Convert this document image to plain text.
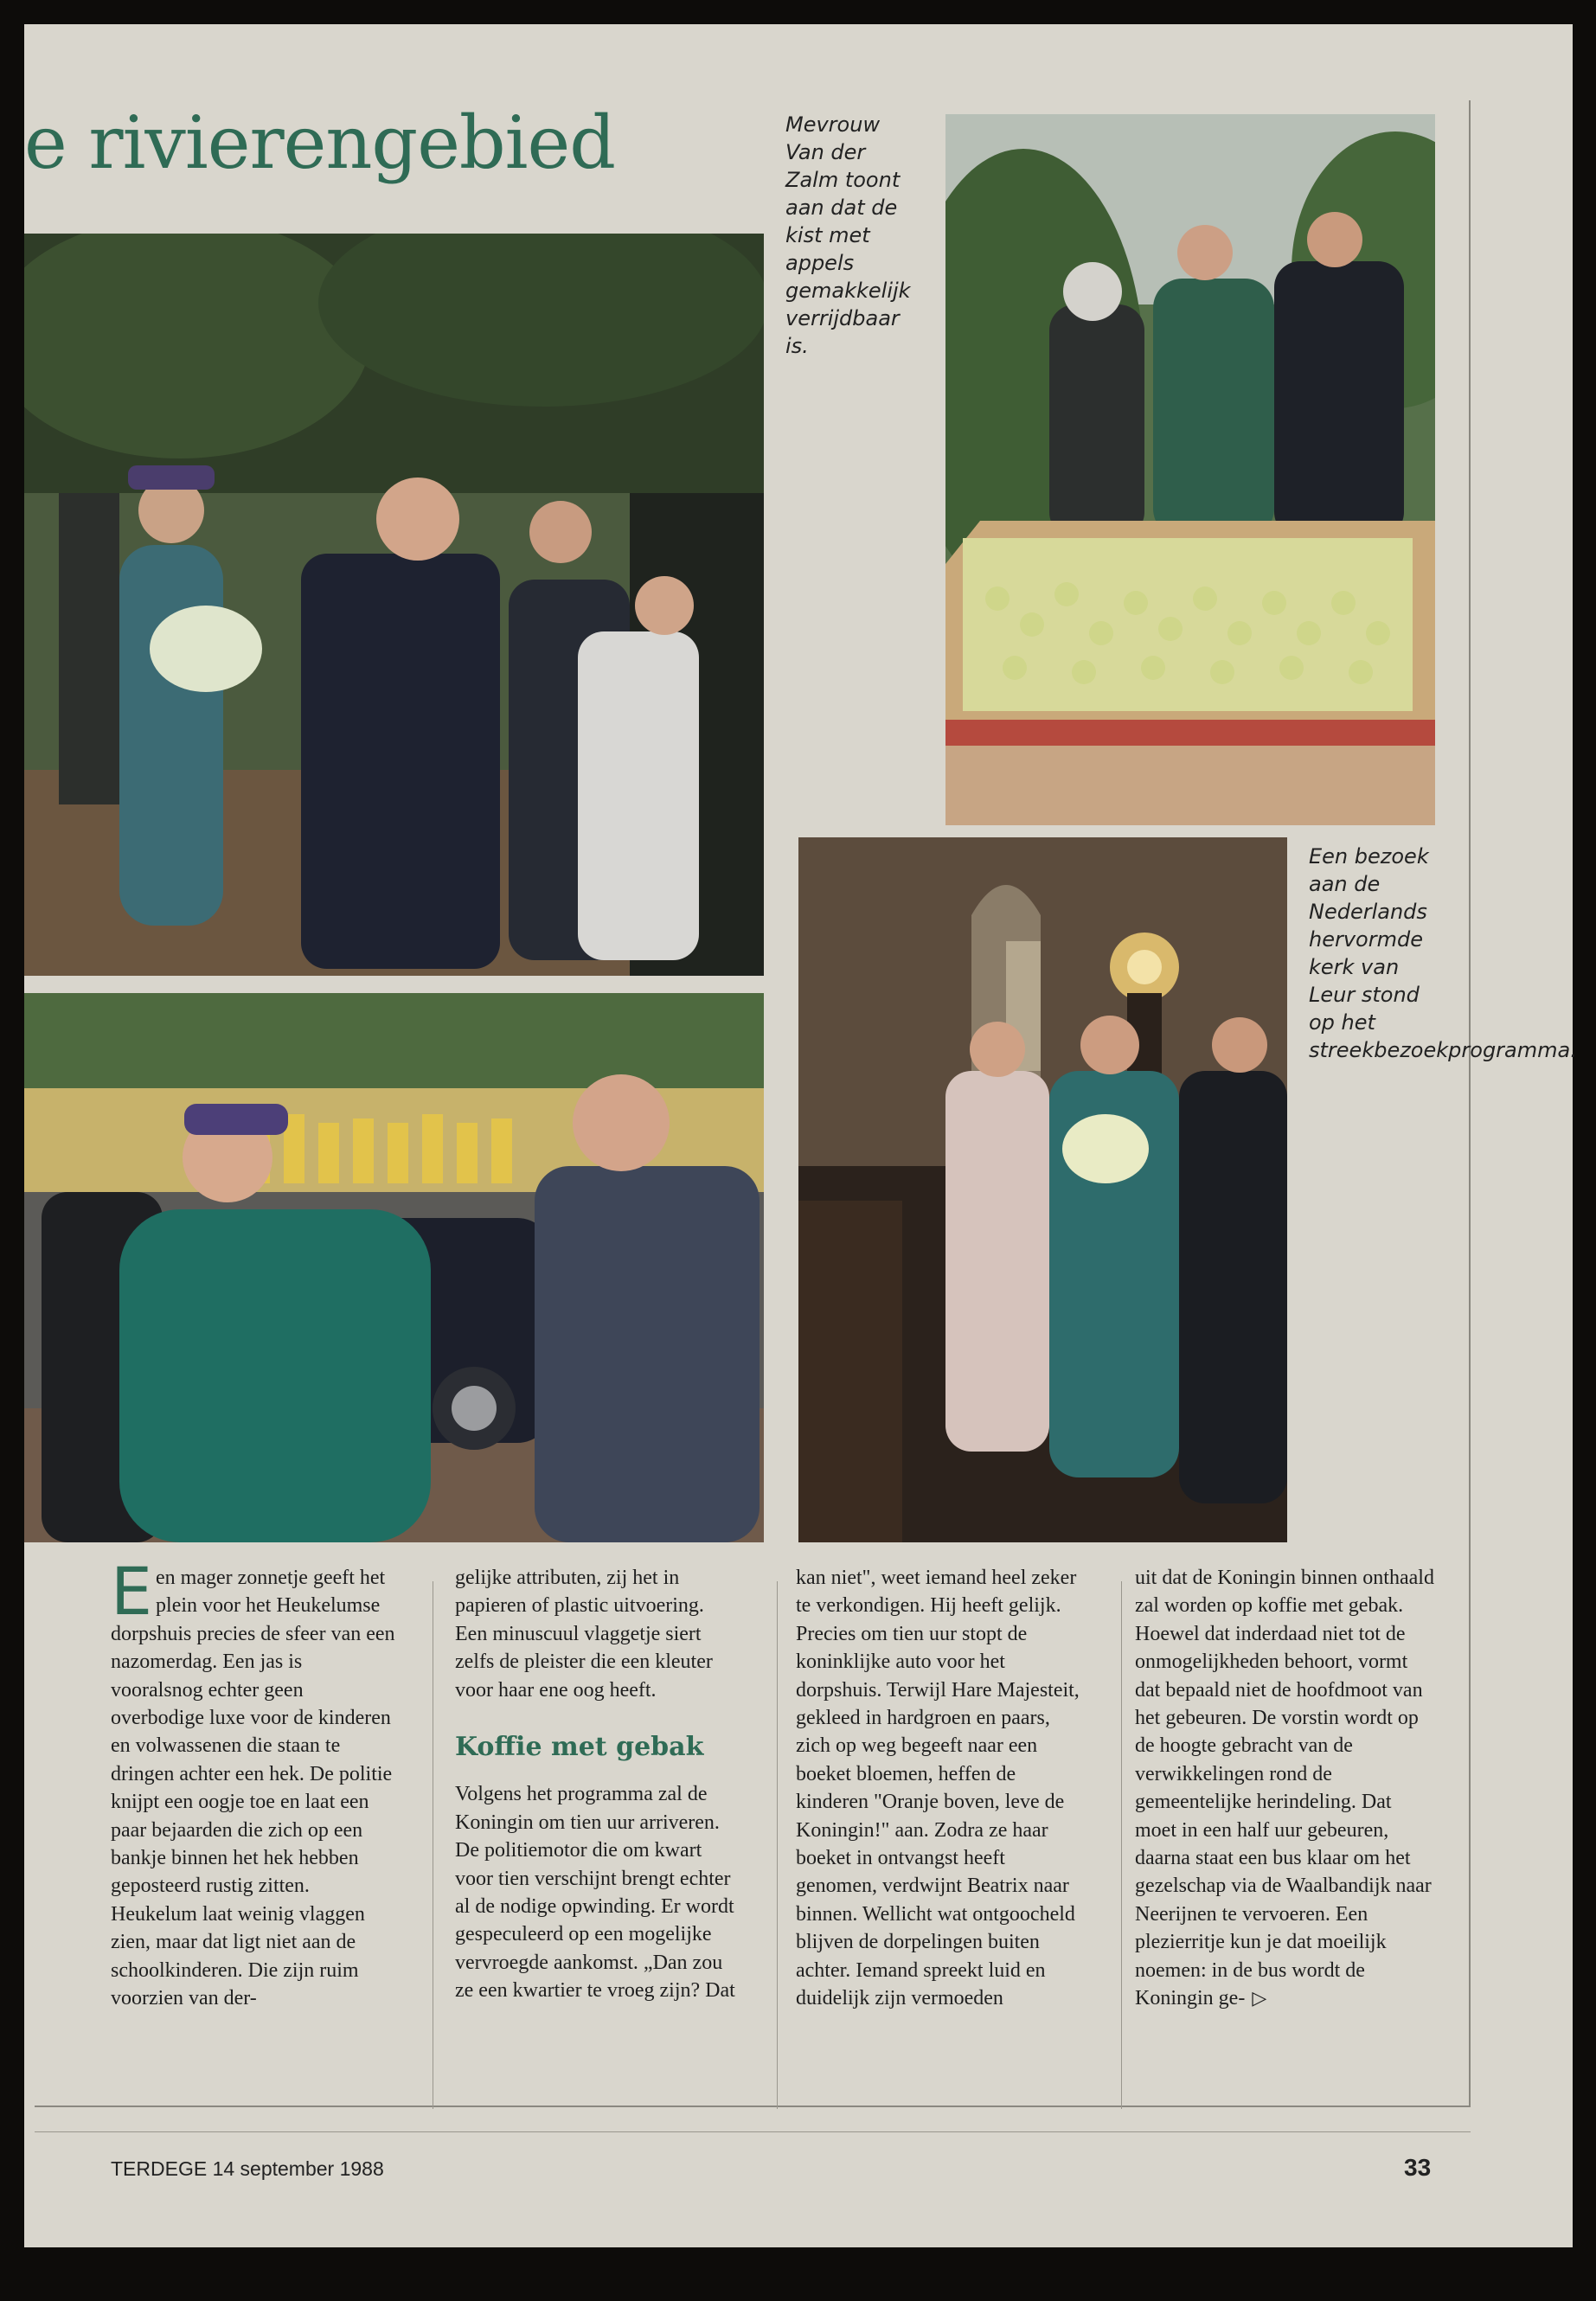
e rivierengebied	Mevrouw Van der Zalm toont aan dat de kist met appels gemakkelijk verrijdbaar is.

Een bezoek aan de Nederlands hervormde kerk van Leur stond op het streekbezoekprogramma.

Een mager zonnetje geeft het plein voor het Heukelumse dorpshuis precies de sfeer van een nazomerdag. Een jas is vooralsnog echter geen overbodige luxe voor de kinderen en volwassenen die staan te dringen achter een hek. De politie knijpt een oogje toe en laat een paar bejaarden die zich op een bankje binnen het hek hebben geposteerd rustig zitten.

Heukelum laat weinig vlaggen zien, maar dat ligt niet aan de schoolkinderen. Die zijn ruim voorzien van der-

gelijke attributen, zij het in papieren of plastic uitvoering. Een minuscuul vlaggetje siert zelfs de pleister die een kleuter voor haar ene oog heeft.

Koffie met gebak

Volgens het programma zal de Koningin om tien uur arriveren. De politiemotor die om kwart voor tien verschijnt brengt echter al de nodige opwinding. Er wordt gespeculeerd op een mogelijke vervroegde aankomst. „Dan zou ze een kwartier te vroeg zijn? Dat

kan niet", weet iemand heel zeker te verkondigen. Hij heeft gelijk.

Precies om tien uur stopt de koninklijke auto voor het dorpshuis. Terwijl Hare Majesteit, gekleed in hardgroen en paars, zich op weg begeeft naar een boeket bloemen, heffen de kinderen "Oranje boven, leve de Koningin!" aan. Zodra ze haar boeket in ontvangst heeft genomen, verdwijnt Beatrix naar binnen. Wellicht wat ontgoocheld blijven de dorpelingen buiten achter. Iemand spreekt luid en duidelijk zijn vermoeden

uit dat de Koningin binnen onthaald zal worden op koffie met gebak. Hoewel dat inderdaad niet tot de onmogelijkheden behoort, vormt dat bepaald niet de hoofdmoot van het gebeuren. De vorstin wordt op de hoogte gebracht van de verwikkelingen rond de gemeentelijke herindeling. Dat moet in een half uur gebeuren, daarna staat een bus klaar om het gezelschap via de Waalbandijk naar Neerijnen te vervoeren. Een plezierritje kun je dat moeilijk noemen: in de bus wordt de Koningin ge- ▷

TERDEGE 14 september 1988	33
